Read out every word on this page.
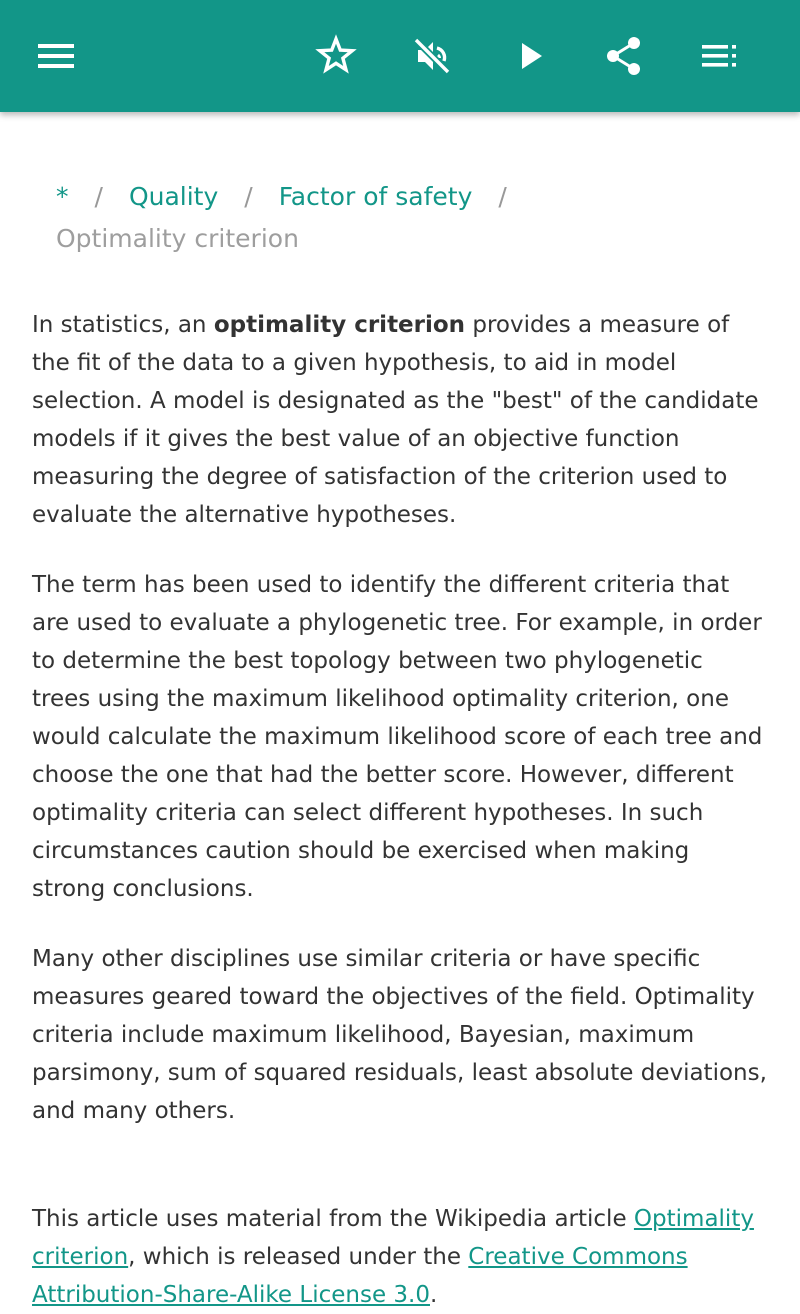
* / Quality / Factor of safety /
Optimality criterion

In statistics, an optimality criterion provides a measure of the fit of the data to a given hypothesis, to aid in model selection. A model is designated as the "best" of the candidate models if it gives the best value of an objective function measuring the degree of satisfaction of the criterion used to evaluate the alternative hypotheses.

The term has been used to identify the different criteria that are used to evaluate a phylogenetic tree. For example, in order to determine the best topology between two phylogenetic trees using the maximum likelihood optimality criterion, one would calculate the maximum likelihood score of each tree and choose the one that had the better score. However, different optimality criteria can select different hypotheses. In such circumstances caution should be exercised when making strong conclusions.

Many other disciplines use similar criteria or have specific measures geared toward the objectives of the field. Optimality criteria include maximum likelihood, Bayesian, maximum parsimony, sum of squared residuals, least absolute deviations, and many others.

This article uses material from the Wikipedia article Optimality criterion, which is released under the Creative Commons Attribution-Share-Alike License 3.0.
